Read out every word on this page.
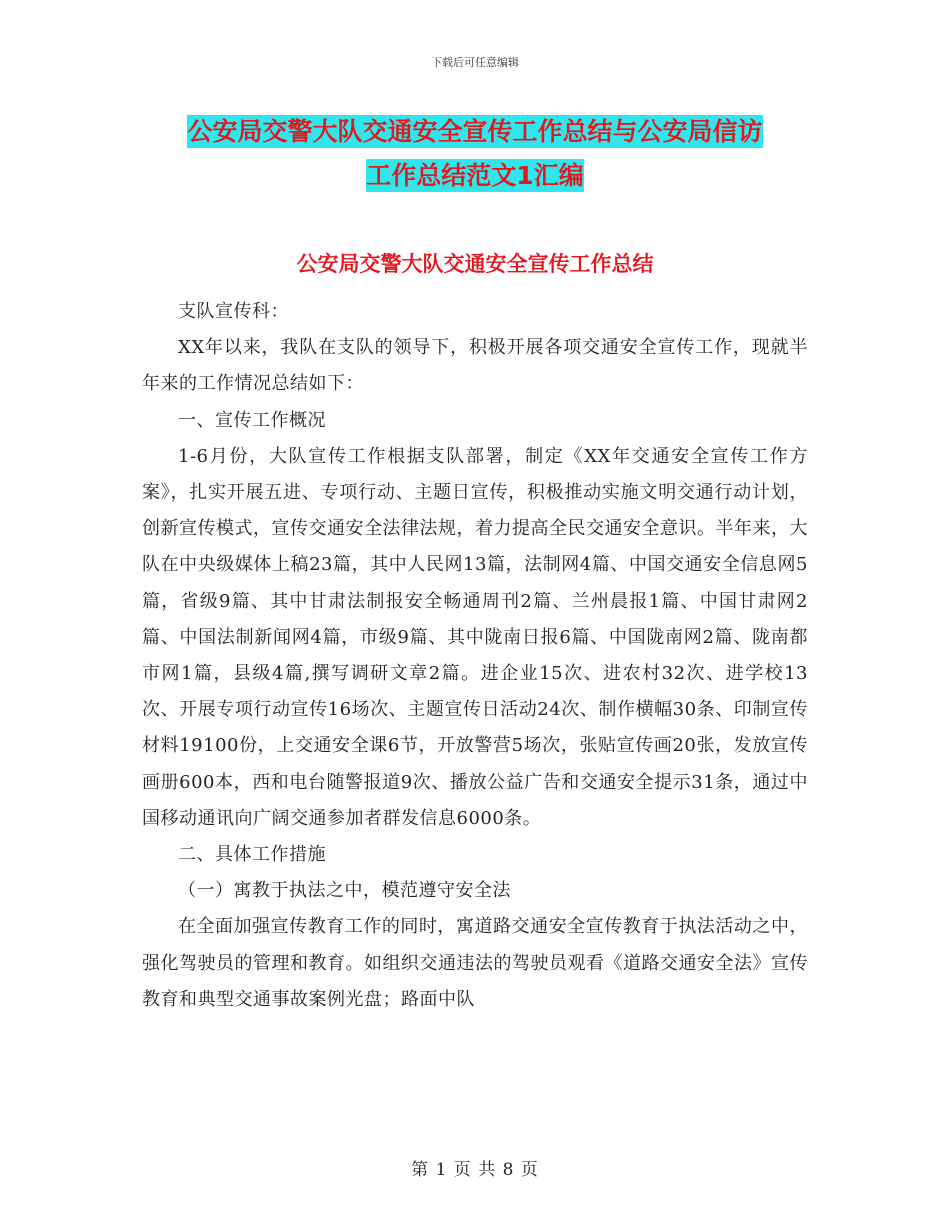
下载后可任意编辑
公安局交警大队交通安全宣传工作总结与公安局信访
工作总结范文1汇编
公安局交警大队交通安全宣传工作总结

支队宣传科：

XX年以来，我队在支队的领导下，积极开展各项交通安全宣传工作，现就半年来的工作情况总结如下：

一、宣传工作概况

1-6月份，大队宣传工作根据支队部署，制定《XX年交通安全宣传工作方案》，扎实开展五进、专项行动、主题日宣传，积极推动实施文明交通行动计划，创新宣传模式，宣传交通安全法律法规，着力提高全民交通安全意识。半年来，大队在中央级媒体上稿23篇，其中人民网13篇，法制网4篇、中国交通安全信息网5篇，省级9篇、其中甘肃法制报安全畅通周刊2篇、兰州晨报1篇、中国甘肃网2篇、中国法制新闻网4篇，市级9篇、其中陇南日报6篇、中国陇南网2篇、陇南都市网1篇，县级4篇,撰写调研文章2篇。进企业15次、进农村32次、进学校13次、开展专项行动宣传16场次、主题宣传日活动24次、制作横幅30条、印制宣传材料19100份，上交通安全课6节，开放警营5场次，张贴宣传画20张，发放宣传画册600本，西和电台随警报道9次、播放公益广告和交通安全提示31条，通过中国移动通讯向广阔交通参加者群发信息6000条。

二、具体工作措施

（一）寓教于执法之中，模范遵守安全法

在全面加强宣传教育工作的同时，寓道路交通安全宣传教育于执法活动之中，强化驾驶员的管理和教育。如组织交通违法的驾驶员观看《道路交通安全法》宣传教育和典型交通事故案例光盘；路面中队

第 1 页 共 8 页
